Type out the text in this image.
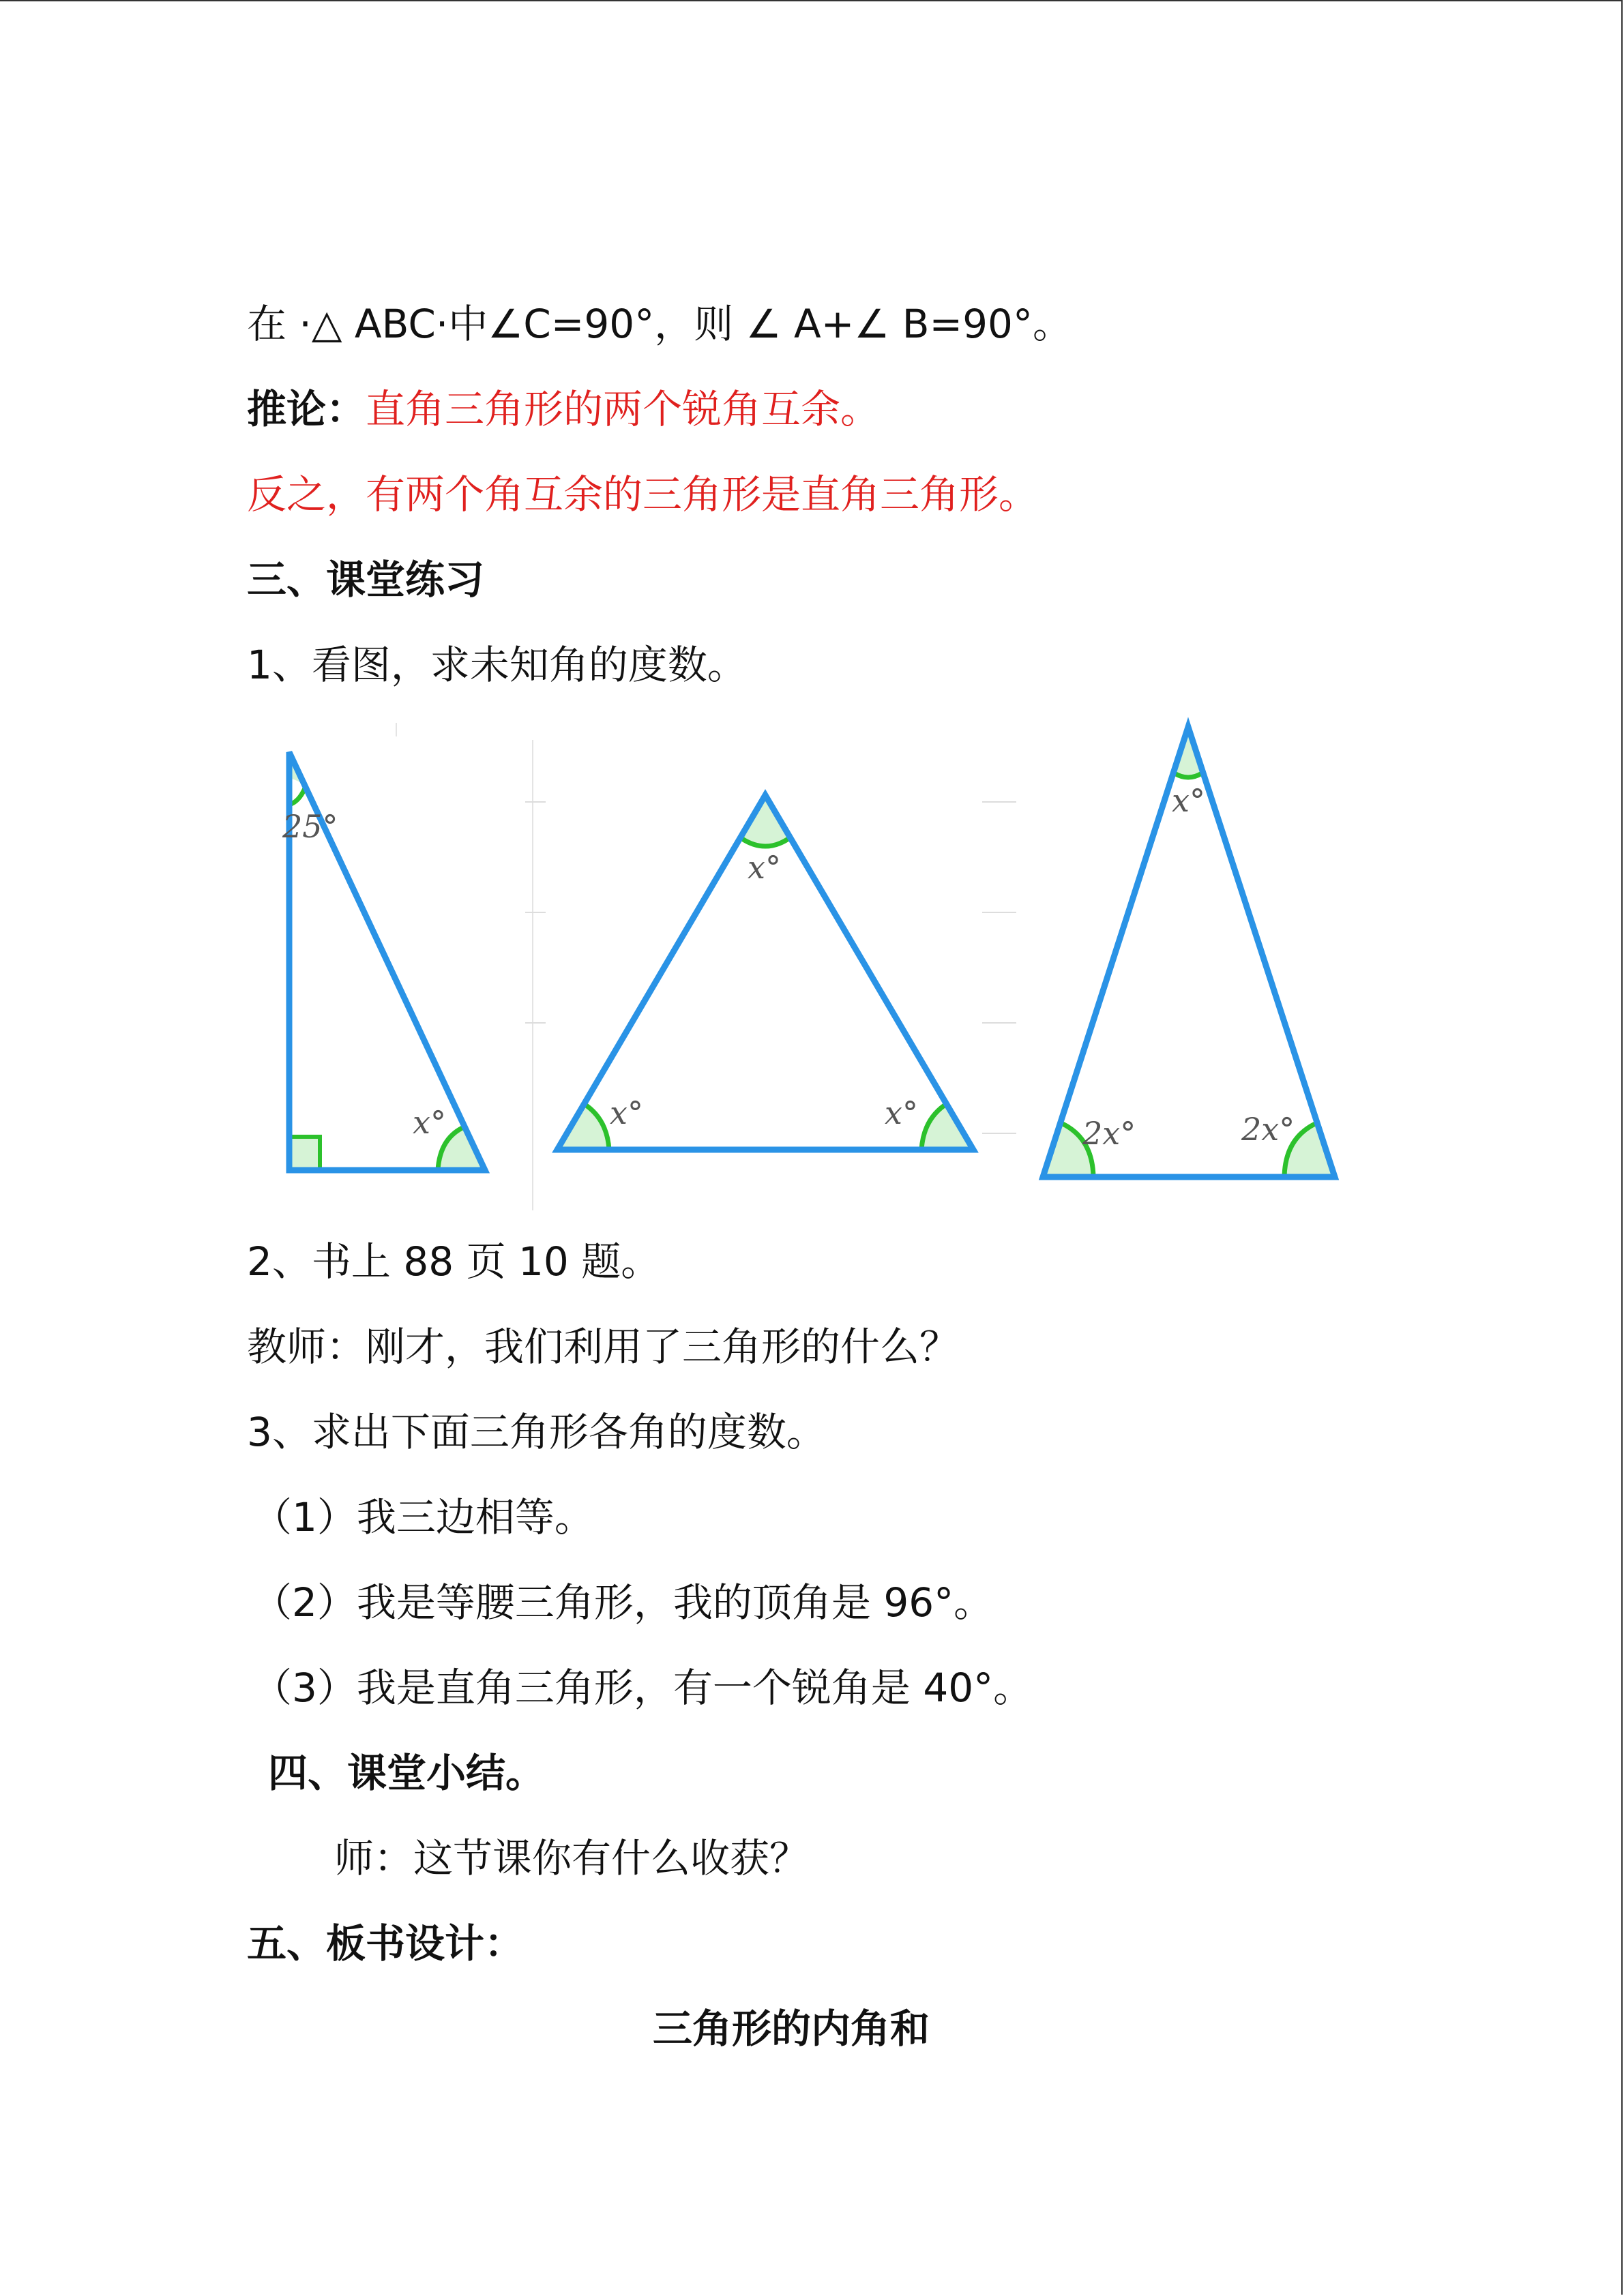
在 ·△ ABC·中∠C=90°，则 ∠ A+∠ B=90°。
推论：直角三角形的两个锐角互余。
反之，有两个角互余的三角形是直角三角形。
三、课堂练习
1、看图，求未知角的度数。
25°
x°
x°
x°	x°
x°
2x°	2x°
2、书上 88 页 10 题。
教师：刚才，我们利用了三角形的什么？
3、求出下面三角形各角的度数。
（1）我三边相等。
（2）我是等腰三角形，我的顶角是 96°。
（3）我是直角三角形，有一个锐角是 40°。
四、课堂小结。
师：这节课你有什么收获？
五、板书设计：
三角形的内角和
